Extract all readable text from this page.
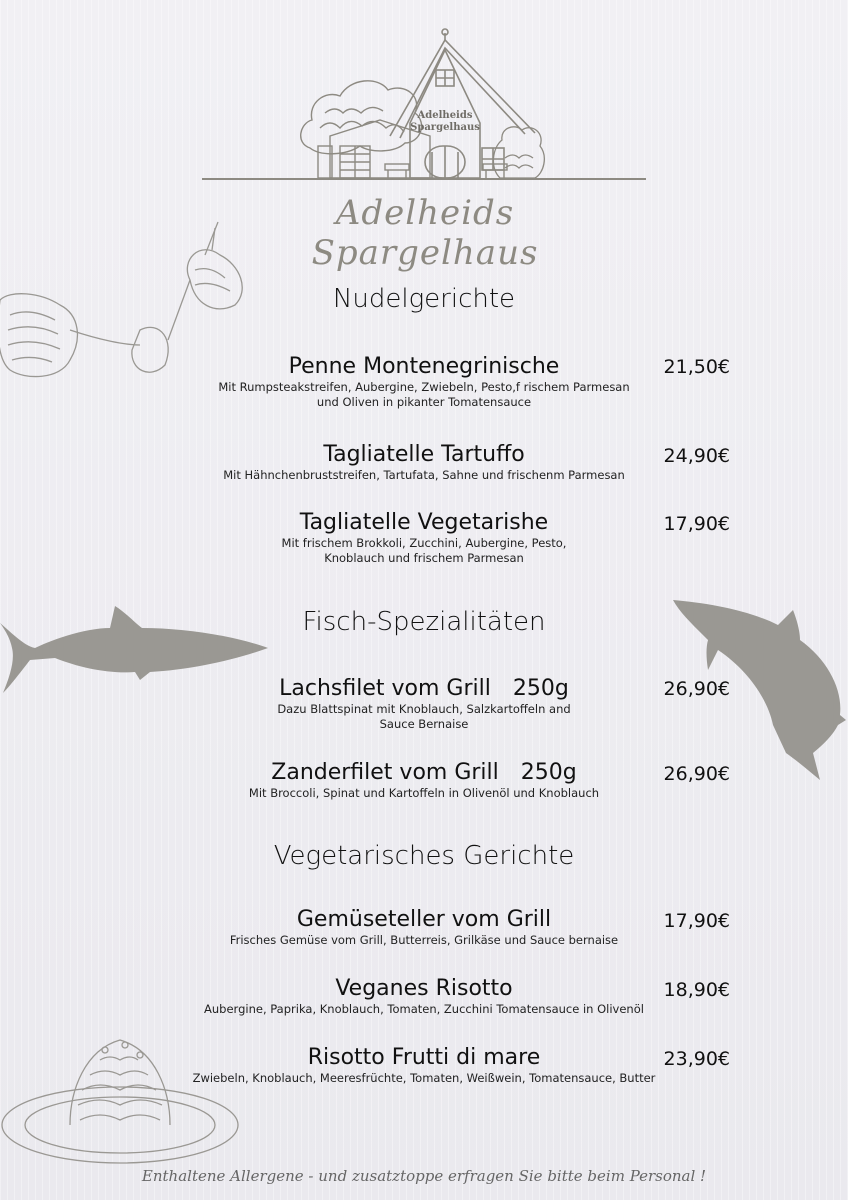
Adelheids
Spargelhaus
Adelheids Spargelhaus
Nudelgerichte
Penne Montenegrinische
Mit Rumpsteakstreifen, Aubergine, Zwiebeln, Pesto,f rischem Parmesan
und Oliven in pikanter Tomatensauce
21,50€
Tagliatelle Tartuffo
Mit Hähnchenbruststreifen, Tartufata, Sahne und frischenm Parmesan
24,90€
Tagliatelle Vegetarishe
Mit frischem Brokkoli, Zucchini, Aubergine, Pesto,
Knoblauch und frischem Parmesan
17,90€
Fisch-Spezialitäten
Lachsfilet vom Grill 250g
Dazu Blattspinat mit Knoblauch, Salzkartoffeln and
Sauce Bernaise
26,90€
Zanderfilet vom Grill 250g
Mit Broccoli, Spinat und Kartoffeln in Olivenöl und Knoblauch
26,90€
Vegetarisches Gerichte
Gemüseteller vom Grill
Frisches Gemüse vom Grill, Butterreis, Grilkäse und Sauce bernaise
17,90€
Veganes Risotto
Aubergine, Paprika, Knoblauch, Tomaten, Zucchini Tomatensauce in Olivenöl
18,90€
Risotto Frutti di mare
Zwiebeln, Knoblauch, Meeresfrüchte, Tomaten, Weißwein, Tomatensauce, Butter
23,90€
Enthaltene Allergene - und zusatztoppe erfragen Sie bitte beim Personal !
